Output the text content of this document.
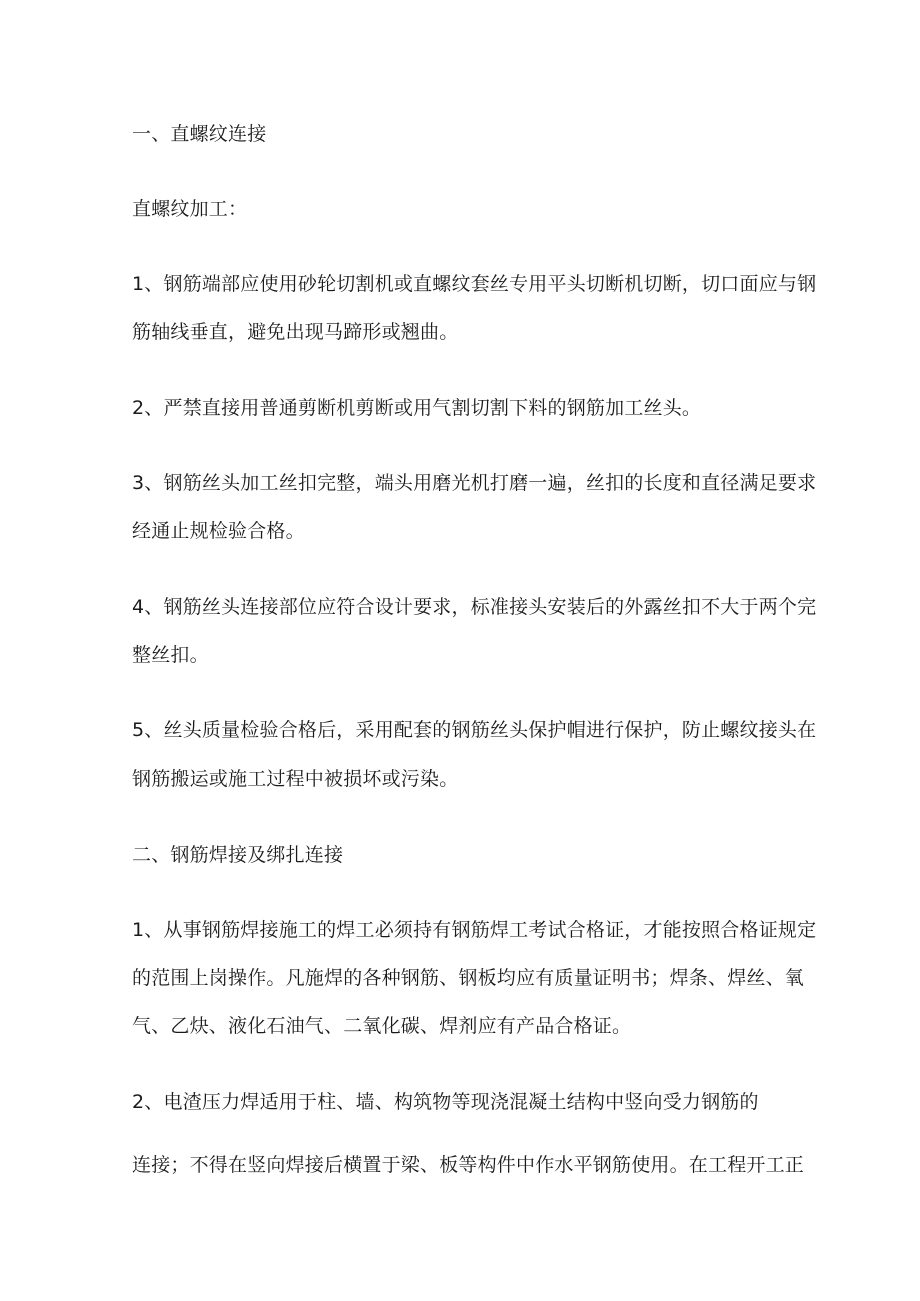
一、直螺纹连接
直螺纹加工：
1、钢筋端部应使用砂轮切割机或直螺纹套丝专用平头切断机切断，切口面应与钢
筋轴线垂直，避免出现马蹄形或翘曲。
2、严禁直接用普通剪断机剪断或用气割切割下料的钢筋加工丝头。
3、钢筋丝头加工丝扣完整，端头用磨光机打磨一遍，丝扣的长度和直径满足要求
经通止规检验合格。
4、钢筋丝头连接部位应符合设计要求，标准接头安装后的外露丝扣不大于两个完
整丝扣。
5、丝头质量检验合格后，采用配套的钢筋丝头保护帽进行保护，防止螺纹接头在
钢筋搬运或施工过程中被损坏或污染。
二、钢筋焊接及绑扎连接
1、从事钢筋焊接施工的焊工必须持有钢筋焊工考试合格证，才能按照合格证规定
的范围上岗操作。凡施焊的各种钢筋、钢板均应有质量证明书；焊条、焊丝、氧
气、乙炔、液化石油气、二氧化碳、焊剂应有产品合格证。
2、电渣压力焊适用于柱、墙、构筑物等现浇混凝土结构中竖向受力钢筋的
连接；不得在竖向焊接后横置于梁、板等构件中作水平钢筋使用。在工程开工正
